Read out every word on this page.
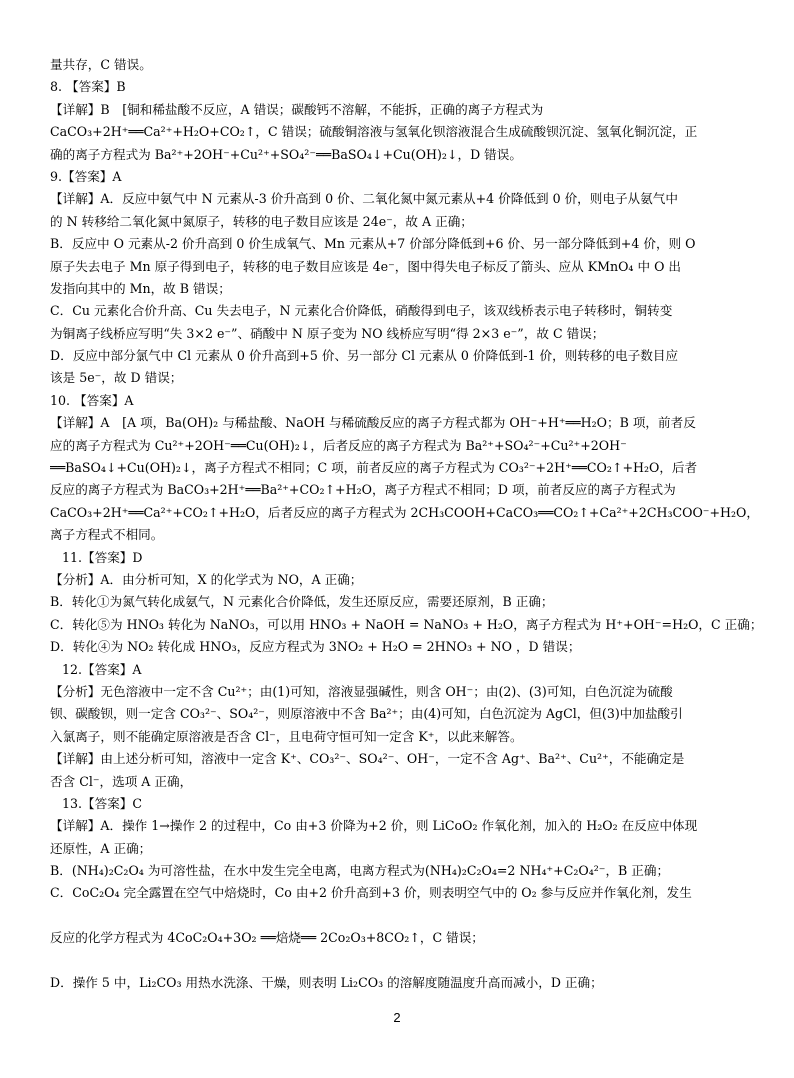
量共存，C 错误。
8. 【答案】B
【详解】B　[铜和稀盐酸不反应，A 错误；碳酸钙不溶解，不能拆，正确的离子方程式为
CaCO₃+2H⁺══Ca²⁺+H₂O+CO₂↑，C 错误；硫酸铜溶液与氢氧化钡溶液混合生成硫酸钡沉淀、氢氧化铜沉淀，正
确的离子方程式为 Ba²⁺+2OH⁻+Cu²⁺+SO₄²⁻══BaSO₄↓+Cu(OH)₂↓，D 错误。
9.【答案】A
【详解】A．反应中氨气中 N 元素从-3 价升高到 0 价、二氧化氮中氮元素从+4 价降低到 0 价，则电子从氨气中
的 N 转移给二氧化氮中氮原子，转移的电子数目应该是 24e⁻，故 A 正确；
B．反应中 O 元素从-2 价升高到 0 价生成氧气、Mn 元素从+7 价部分降低到+6 价、另一部分降低到+4 价，则 O
原子失去电子 Mn 原子得到电子，转移的电子数目应该是 4e⁻，图中得失电子标反了箭头、应从 KMnO₄ 中 O 出
发指向其中的 Mn，故 B 错误；
C．Cu 元素化合价升高、Cu 失去电子，N 元素化合价降低，硝酸得到电子，该双线桥表示电子转移时，铜转变
为铜离子线桥应写明“失 3×2 e⁻”、硝酸中 N 原子变为 NO 线桥应写明“得 2×3 e⁻”，故 C 错误；
D．反应中部分氯气中 Cl 元素从 0 价升高到+5 价、另一部分 Cl 元素从 0 价降低到-1 价，则转移的电子数目应
该是 5e⁻，故 D 错误；
10. 【答案】A
【详解】A　[A 项，Ba(OH)₂ 与稀盐酸、NaOH 与稀硫酸反应的离子方程式都为 OH⁻+H⁺══H₂O；B 项，前者反
应的离子方程式为 Cu²⁺+2OH⁻══Cu(OH)₂↓，后者反应的离子方程式为 Ba²⁺+SO₄²⁻+Cu²⁺+2OH⁻
══BaSO₄↓+Cu(OH)₂↓，离子方程式不相同；C 项，前者反应的离子方程式为 CO₃²⁻+2H⁺══CO₂↑+H₂O，后者
反应的离子方程式为 BaCO₃+2H⁺══Ba²⁺+CO₂↑+H₂O，离子方程式不相同；D 项，前者反应的离子方程式为
CaCO₃+2H⁺══Ca²⁺+CO₂↑+H₂O，后者反应的离子方程式为 2CH₃COOH+CaCO₃══CO₂↑+Ca²⁺+2CH₃COO⁻+H₂O，
离子方程式不相同。
11.【答案】D
【分析】A．由分析可知，X 的化学式为 NO，A 正确；
B．转化①为氮气转化成氨气，N 元素化合价降低，发生还原反应，需要还原剂，B 正确；
C．转化⑤为 HNO₃ 转化为 NaNO₃，可以用 HNO₃ + NaOH = NaNO₃ + H₂O，离子方程式为 H⁺+OH⁻=H₂O，C 正确；
D．转化④为 NO₂ 转化成 HNO₃，反应方程式为 3NO₂ + H₂O = 2HNO₃ + NO ，D 错误；
12.【答案】A
【分析】无色溶液中一定不含 Cu²⁺；由(1)可知，溶液显强碱性，则含 OH⁻；由(2)、(3)可知，白色沉淀为硫酸
钡、碳酸钡，则一定含 CO₃²⁻、SO₄²⁻，则原溶液中不含 Ba²⁺；由(4)可知，白色沉淀为 AgCl，但(3)中加盐酸引
入氯离子，则不能确定原溶液是否含 Cl⁻，且电荷守恒可知一定含 K⁺，以此来解答。
【详解】由上述分析可知，溶液中一定含 K⁺、CO₃²⁻、SO₄²⁻、OH⁻，一定不含 Ag⁺、Ba²⁺、Cu²⁺，不能确定是
否含 Cl⁻，选项 A 正确，
13.【答案】C
【详解】A．操作 1→操作 2 的过程中，Co 由+3 价降为+2 价，则 LiCoO₂ 作氧化剂，加入的 H₂O₂ 在反应中体现
还原性，A 正确；
B．(NH₄)₂C₂O₄ 为可溶性盐，在水中发生完全电离，电离方程式为(NH₄)₂C₂O₄=2 NH₄⁺+C₂O₄²⁻，B 正确；
C．CoC₂O₄ 完全露置在空气中焙烧时，Co 由+2 价升高到+3 价，则表明空气中的 O₂ 参与反应并作氧化剂，发生
反应的化学方程式为 4CoC₂O₄+3O₂ ══焙烧══ 2Co₂O₃+8CO₂↑，C 错误；
D．操作 5 中，Li₂CO₃ 用热水洗涤、干燥，则表明 Li₂CO₃ 的溶解度随温度升高而减小，D 正确；
2
